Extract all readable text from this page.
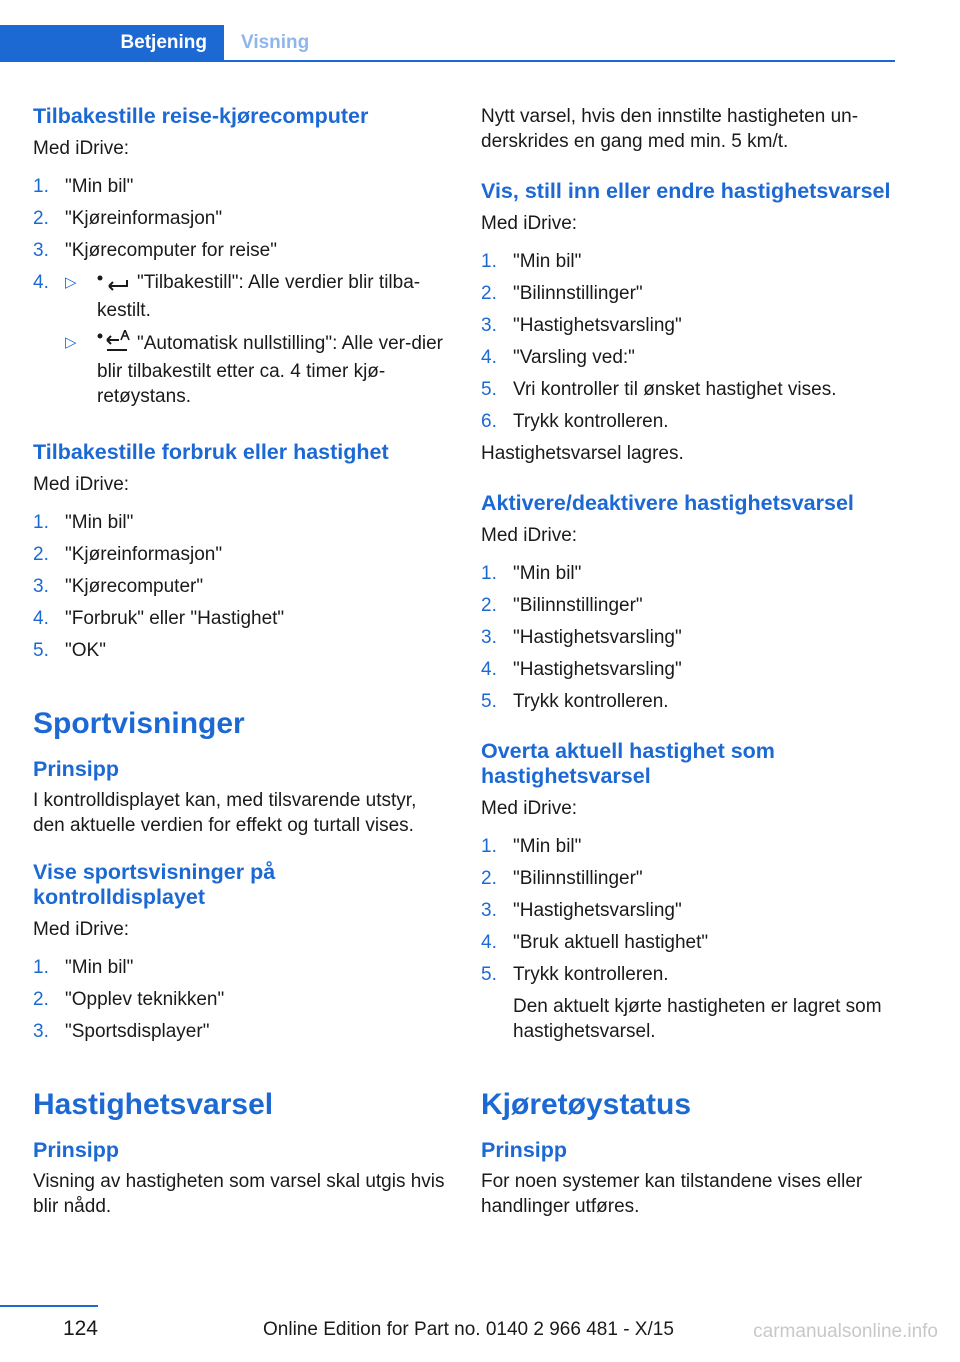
Betjening	Visning
Tilbakestille reise-kjørecomputer

Med iDrive:

1. "Min bil"
2. "Kjøreinformasjon"
3. "Kjørecomputer for reise"
4. ▷	"Tilbakestill": Alle verdier blir tilba-kestilt.
▷	"Automatisk nullstilling": Alle ver-dier blir tilbakestilt etter ca. 4 timer kjø-retøystans.
Tilbakestille forbruk eller hastighet

Med iDrive:

1. "Min bil"
2. "Kjøreinformasjon"
3. "Kjørecomputer"
4. "Forbruk" eller "Hastighet"
5. "OK"
Sportvisninger
Prinsipp

I kontrolldisplayet kan, med tilsvarende utstyr, den aktuelle verdien for effekt og turtall vises.

Vise sportsvisninger på kontrolldisplayet

Med iDrive:

1. "Min bil"
2. "Opplev teknikken"
3. "Sportsdisplayer"
Hastighetsvarsel
Prinsipp

Visning av hastigheten som varsel skal utgis hvis blir nådd.

Nytt varsel, hvis den innstilte hastigheten un-derskrides en gang med min. 5 km/t.

Vis, still inn eller endre hastighetsvarsel

Med iDrive:

1. "Min bil"
2. "Bilinnstillinger"
3. "Hastighetsvarsling"
4. "Varsling ved:"
5. Vri kontroller til ønsket hastighet vises.
6. Trykk kontrolleren.

Hastighetsvarsel lagres.

Aktivere/deaktivere hastighetsvarsel

Med iDrive:

1. "Min bil"
2. "Bilinnstillinger"
3. "Hastighetsvarsling"
4. "Hastighetsvarsling"
5. Trykk kontrolleren.
Overta aktuell hastighet som hastighetsvarsel

Med iDrive:

1. "Min bil"
2. "Bilinnstillinger"
3. "Hastighetsvarsling"
4. "Bruk aktuell hastighet"
5. Trykk kontrolleren.

Den aktuelt kjørte hastigheten er lagret som hastighetsvarsel.

Kjøretøystatus
Prinsipp

For noen systemer kan tilstandene vises eller handlinger utføres.

124	Online Edition for Part no. 0140 2 966 481 - X/15	carmanualsonline.info
